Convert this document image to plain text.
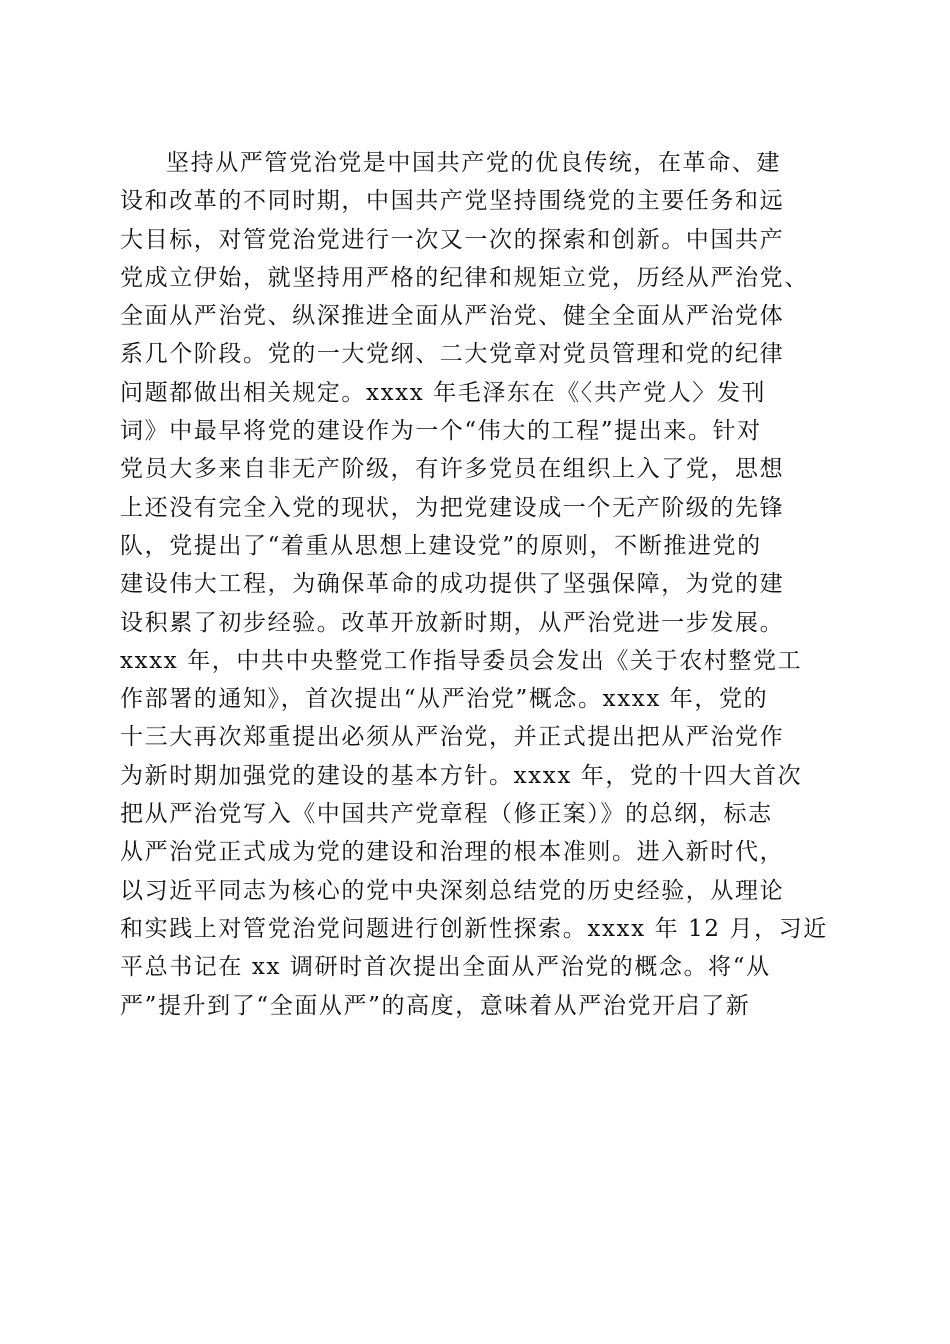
坚持从严管党治党是中国共产党的优良传统，在革命、建
设和改革的不同时期，中国共产党坚持围绕党的主要任务和远
大目标，对管党治党进行一次又一次的探索和创新。中国共产
党成立伊始，就坚持用严格的纪律和规矩立党，历经从严治党、
全面从严治党、纵深推进全面从严治党、健全全面从严治党体
系几个阶段。党的一大党纲、二大党章对党员管理和党的纪律
问题都做出相关规定。xxxx 年毛泽东在《〈共产党人〉发刊
词》中最早将党的建设作为一个“伟大的工程”提出来。针对
党员大多来自非无产阶级，有许多党员在组织上入了党，思想
上还没有完全入党的现状，为把党建设成一个无产阶级的先锋
队，党提出了“着重从思想上建设党”的原则，不断推进党的
建设伟大工程，为确保革命的成功提供了坚强保障，为党的建
设积累了初步经验。改革开放新时期，从严治党进一步发展。
xxxx 年，中共中央整党工作指导委员会发出《关于农村整党工
作部署的通知》，首次提出“从严治党”概念。xxxx 年，党的
十三大再次郑重提出必须从严治党，并正式提出把从严治党作
为新时期加强党的建设的基本方针。xxxx 年，党的十四大首次
把从严治党写入《中国共产党章程（修正案）》的总纲，标志
从严治党正式成为党的建设和治理的根本准则。进入新时代，
以习近平同志为核心的党中央深刻总结党的历史经验，从理论
和实践上对管党治党问题进行创新性探索。xxxx 年 12 月，习近
平总书记在 xx 调研时首次提出全面从严治党的概念。将“从
严”提升到了“全面从严”的高度，意味着从严治党开启了新
